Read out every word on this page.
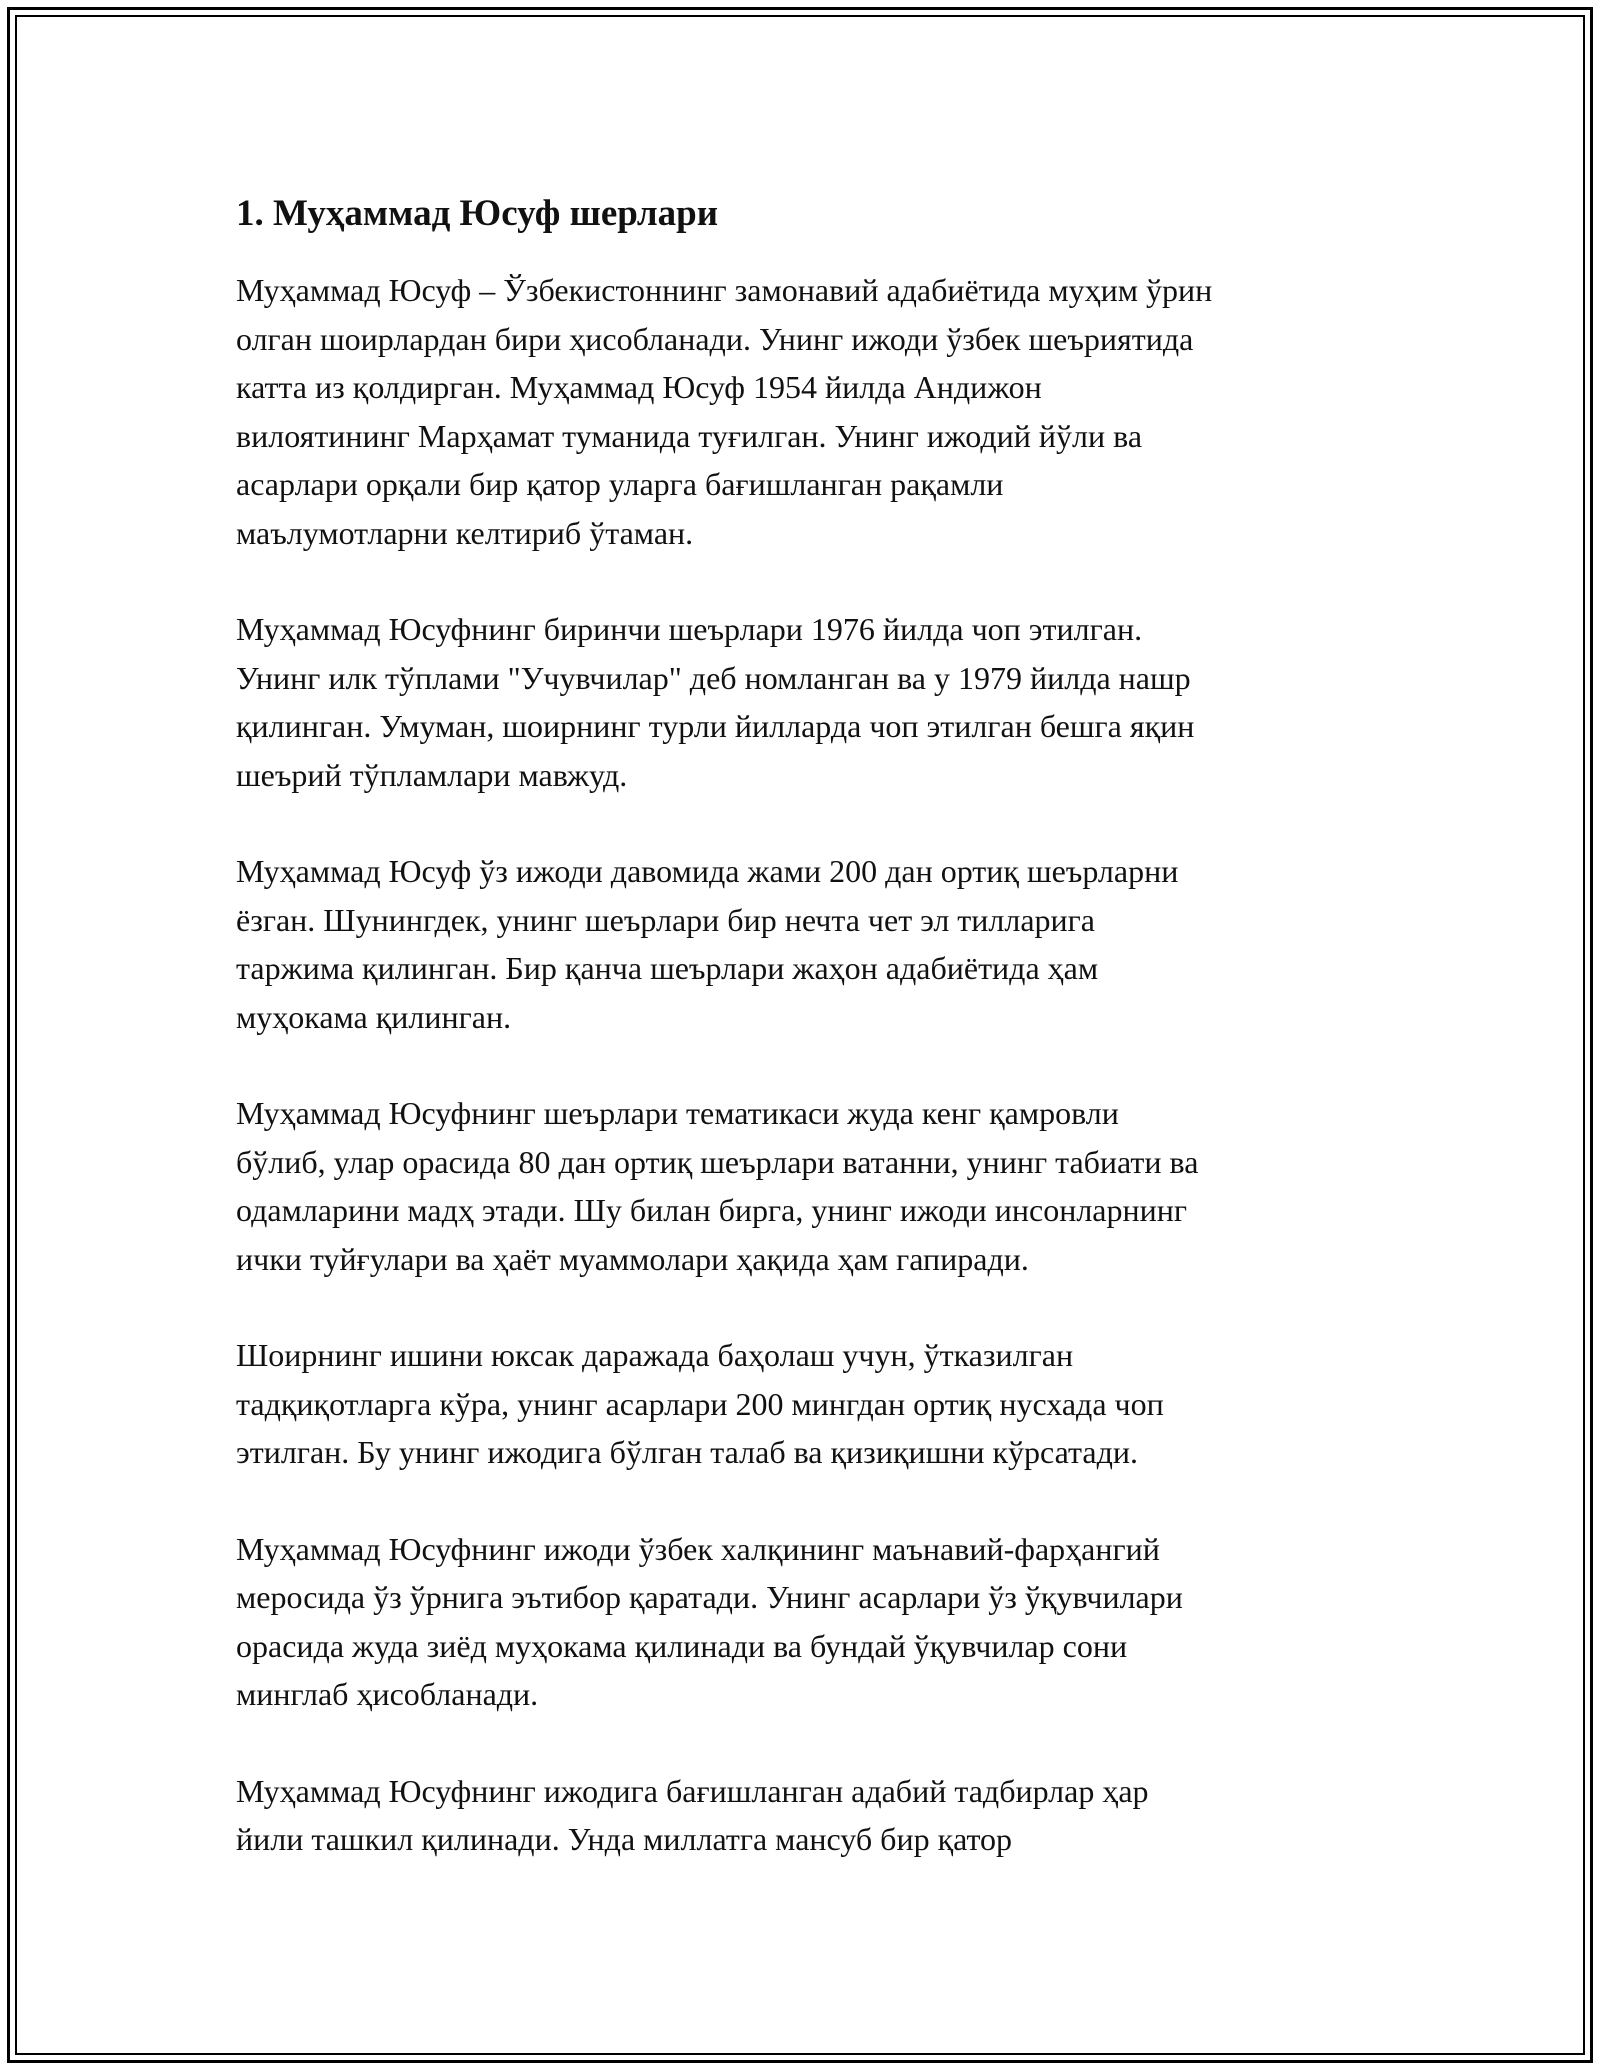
1. Муҳаммад Юсуф шерлари

Муҳаммад Юсуф – Ўзбекистоннинг замонавий адабиётида муҳим ўрин
олган шоирлардан бири ҳисобланади. Унинг ижоди ўзбек шеъриятида
катта из қолдирган. Муҳаммад Юсуф 1954 йилда Андижон
вилоятининг Марҳамат туманида туғилган. Унинг ижодий йўли ва
асарлари орқали бир қатор уларга бағишланган рақамли
маълумотларни келтириб ўтаман.

Муҳаммад Юсуфнинг биринчи шеърлари 1976 йилда чоп этилган.
Унинг илк тўплами "Учувчилар" деб номланган ва у 1979 йилда нашр
қилинган. Умуман, шоирнинг турли йилларда чоп этилган бешга яқин
шеърий тўпламлари мавжуд.

Муҳаммад Юсуф ўз ижоди давомида жами 200 дан ортиқ шеърларни
ёзган. Шунингдек, унинг шеърлари бир нечта чет эл тилларига
таржима қилинган. Бир қанча шеърлари жаҳон адабиётида ҳам
муҳокама қилинган.

Муҳаммад Юсуфнинг шеърлари тематикаси жуда кенг қамровли
бўлиб, улар орасида 80 дан ортиқ шеърлари ватанни, унинг табиати ва
одамларини мадҳ этади. Шу билан бирга, унинг ижоди инсонларнинг
ички туйғулари ва ҳаёт муаммолари ҳақида ҳам гапиради.

Шоирнинг ишини юксак даражада баҳолаш учун, ўтказилган
тадқиқотларга кўра, унинг асарлари 200 мингдан ортиқ нусхада чоп
этилган. Бу унинг ижодига бўлган талаб ва қизиқишни кўрсатади.

Муҳаммад Юсуфнинг ижоди ўзбек халқининг маънавий-фарҳангий
меросида ўз ўрнига эътибор қаратади. Унинг асарлари ўз ўқувчилари
орасида жуда зиёд муҳокама қилинади ва бундай ўқувчилар сони
минглаб ҳисобланади.

Муҳаммад Юсуфнинг ижодига бағишланган адабий тадбирлар ҳар
йили ташкил қилинади. Унда миллатга мансуб бир қатор
